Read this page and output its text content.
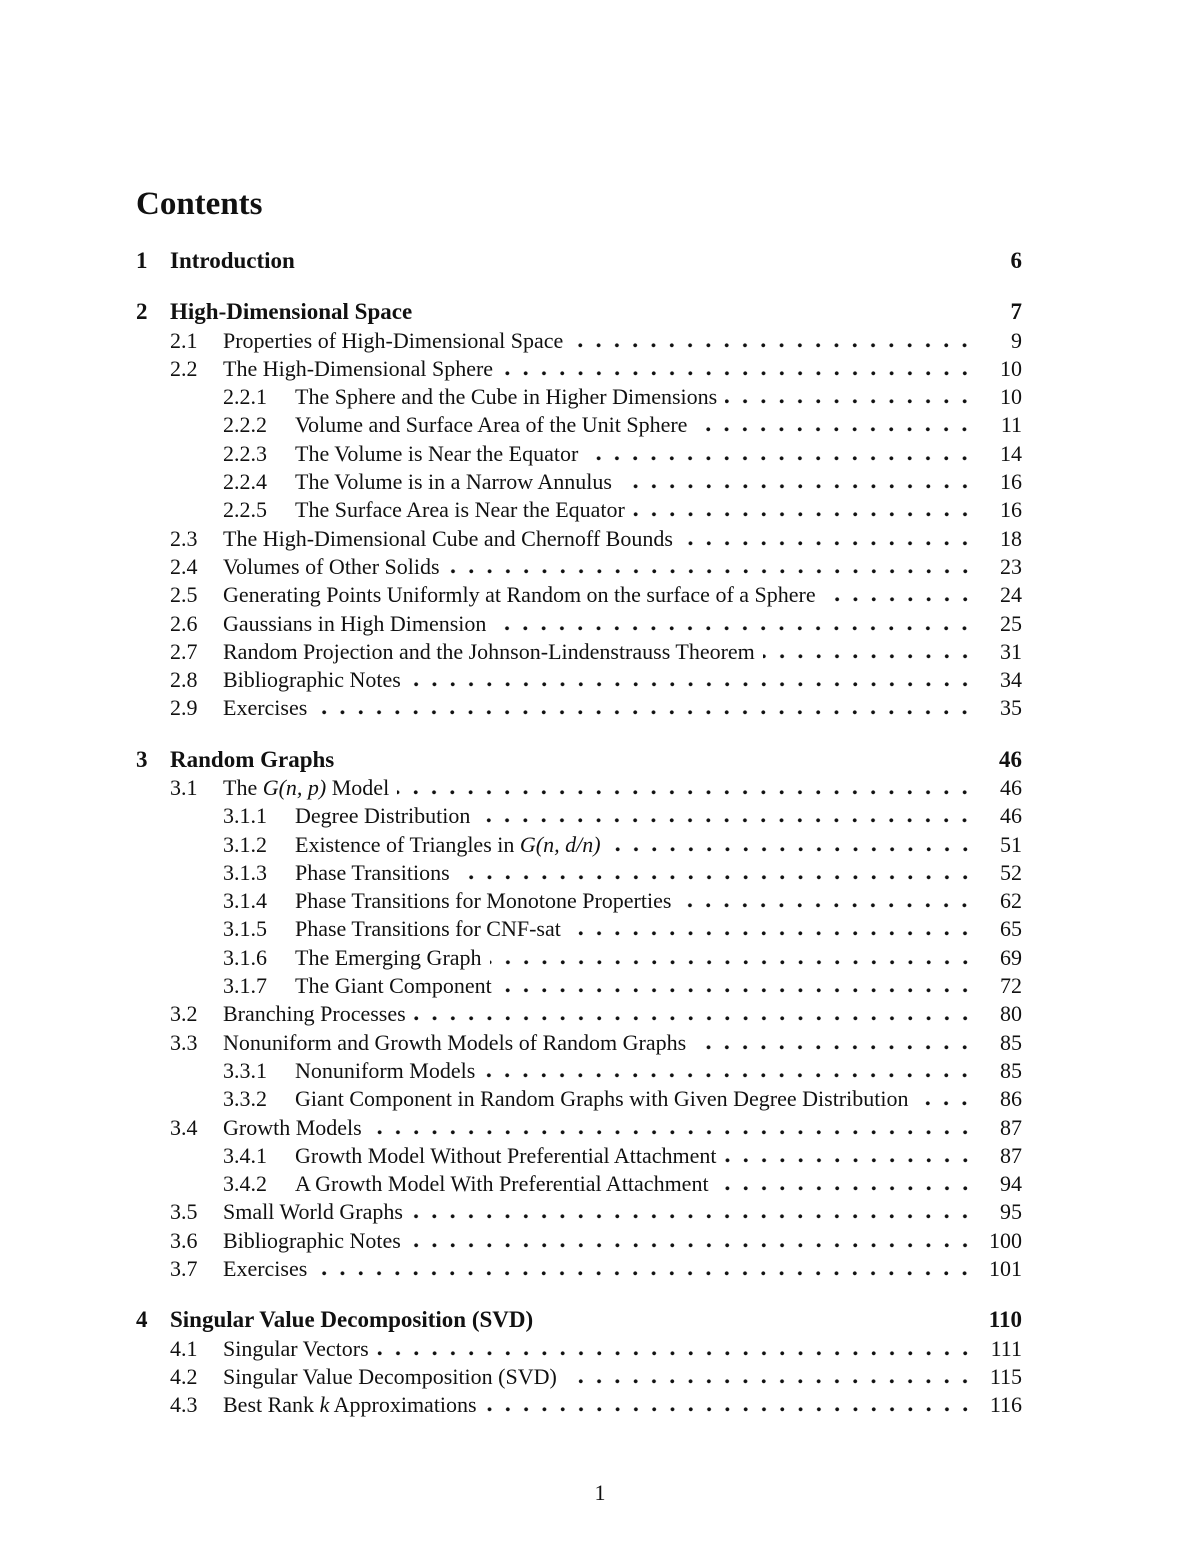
Contents
1 Introduction	6
2 High-Dimensional Space	7
2.1	Properties of High-Dimensional Space	9
2.2	The High-Dimensional Sphere	10
2.2.1	The Sphere and the Cube in Higher Dimensions	10
2.2.2	Volume and Surface Area of the Unit Sphere	11
2.2.3	The Volume is Near the Equator	14
2.2.4	The Volume is in a Narrow Annulus	16
2.2.5	The Surface Area is Near the Equator	16
2.3	The High-Dimensional Cube and Chernoff Bounds	18
2.4	Volumes of Other Solids	23
2.5	Generating Points Uniformly at Random on the surface of a Sphere	24
2.6	Gaussians in High Dimension	25
2.7	Random Projection and the Johnson-Lindenstrauss Theorem	31
2.8	Bibliographic Notes	34
2.9	Exercises	35
3 Random Graphs	46
3.1	The G(n, p) Model	46
3.1.1	Degree Distribution	46
3.1.2	Existence of Triangles in G(n, d/n)	51
3.1.3	Phase Transitions	52
3.1.4	Phase Transitions for Monotone Properties	62
3.1.5	Phase Transitions for CNF-sat	65
3.1.6	The Emerging Graph	69
3.1.7	The Giant Component	72
3.2	Branching Processes	80
3.3	Nonuniform and Growth Models of Random Graphs	85
3.3.1	Nonuniform Models	85
3.3.2	Giant Component in Random Graphs with Given Degree Distribution	86
3.4	Growth Models	87
3.4.1	Growth Model Without Preferential Attachment	87
3.4.2	A Growth Model With Preferential Attachment	94
3.5	Small World Graphs	95
3.6	Bibliographic Notes	100
3.7	Exercises	101
4 Singular Value Decomposition (SVD)	110
4.1	Singular Vectors	111
4.2	Singular Value Decomposition (SVD)	115
4.3	Best Rank k Approximations	116
1
